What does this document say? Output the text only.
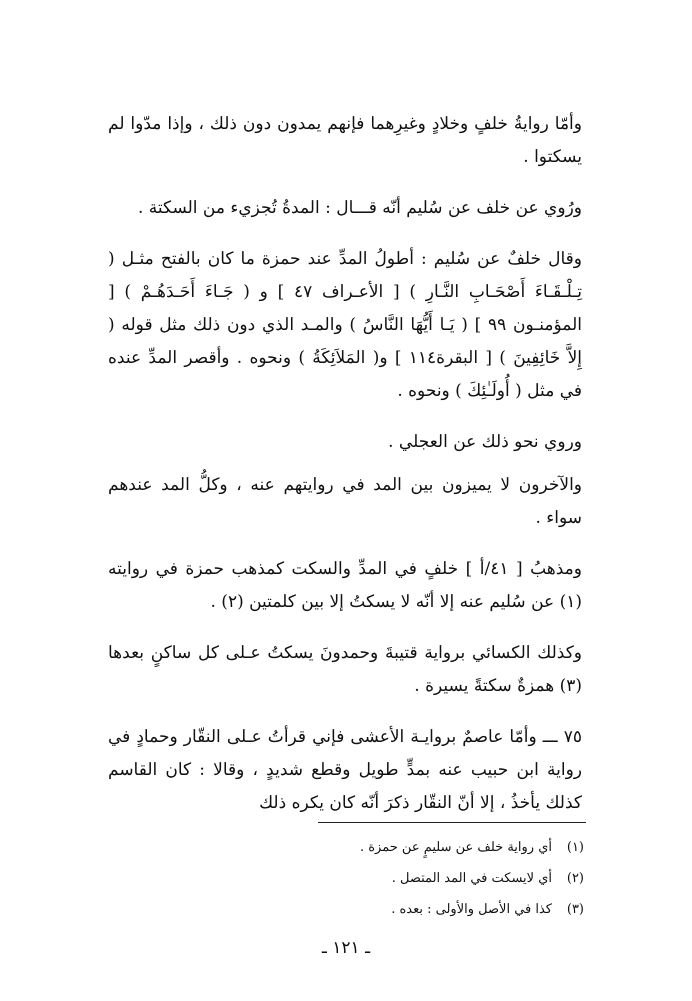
وأمّا روايةُ خلفٍ وخلادٍ وغيرِهما فإنهم يمدون دون ذلك ، وإذا مدّوا لم يسكتوا .

ورُوي عن خلف عن سُليم أنّه قـــال : المدةُ تُجزيء من السكتة .

وقال خلفٌ عن سُليم : أطولُ المدِّ عند حمزة ما كان بالفتح مثـل ( تِـلْـقَـاءَ أَصْحَـابِ النَّـارِ ) [ الأعـراف ٤٧ ] و ( جَـاءَ أَحَـدَهُـمْ ) [ المؤمنـون ٩٩ ] ( يَـا أَيُّهَا النَّاسُ ) والمـد الذي دون ذلك مثل قوله ( إِلاَّ خَائِفِينَ ) [ البقرة١١٤ ] و( المَلاَئِكَةُ ) ونحوه . وأقصر المدِّ عنده في مثل ( أُولَـٰئِكَ ) ونحوه .

وروي نحو ذلك عن العجلي .

والآخرون لا يميزون بين المد في روايتهم عنه ، وكلُّ المد عندهم سواء .

ومذهبُ [ ٤١/أ ] خلفٍ في المدِّ والسكت كمذهب حمزة في روايته (١) عن سُليم عنه إلا أنّه لا يسكتُ إلا بين كلمتين (٢) .

وكذلك الكسائي برواية قتيبةَ وحمدونَ يسكتُ عـلى كل ساكنٍ بعدها (٣) همزةٌ سكتةً يسيرة .

٧٥ ـــ وأمّا عاصمٌ بروايـة الأعشى فإني قرأتُ عـلى النقّار وحمادٍ في رواية ابن حبيب عنه بمدٍّ طويل وقطع شديدٍ ، وقالا : كان القاسم كذلك يأخذُ ، إلا أنّ النقّار ذكرَ أنّه كان يكره ذلك

(١)
أي رواية خلف عن سليمٍ عن حمزة .
(٢)
أي لايسكت في المد المتصل .
(٣)
كذا في الأصل والأولى : بعده .
ـ ١٢١ ـ
